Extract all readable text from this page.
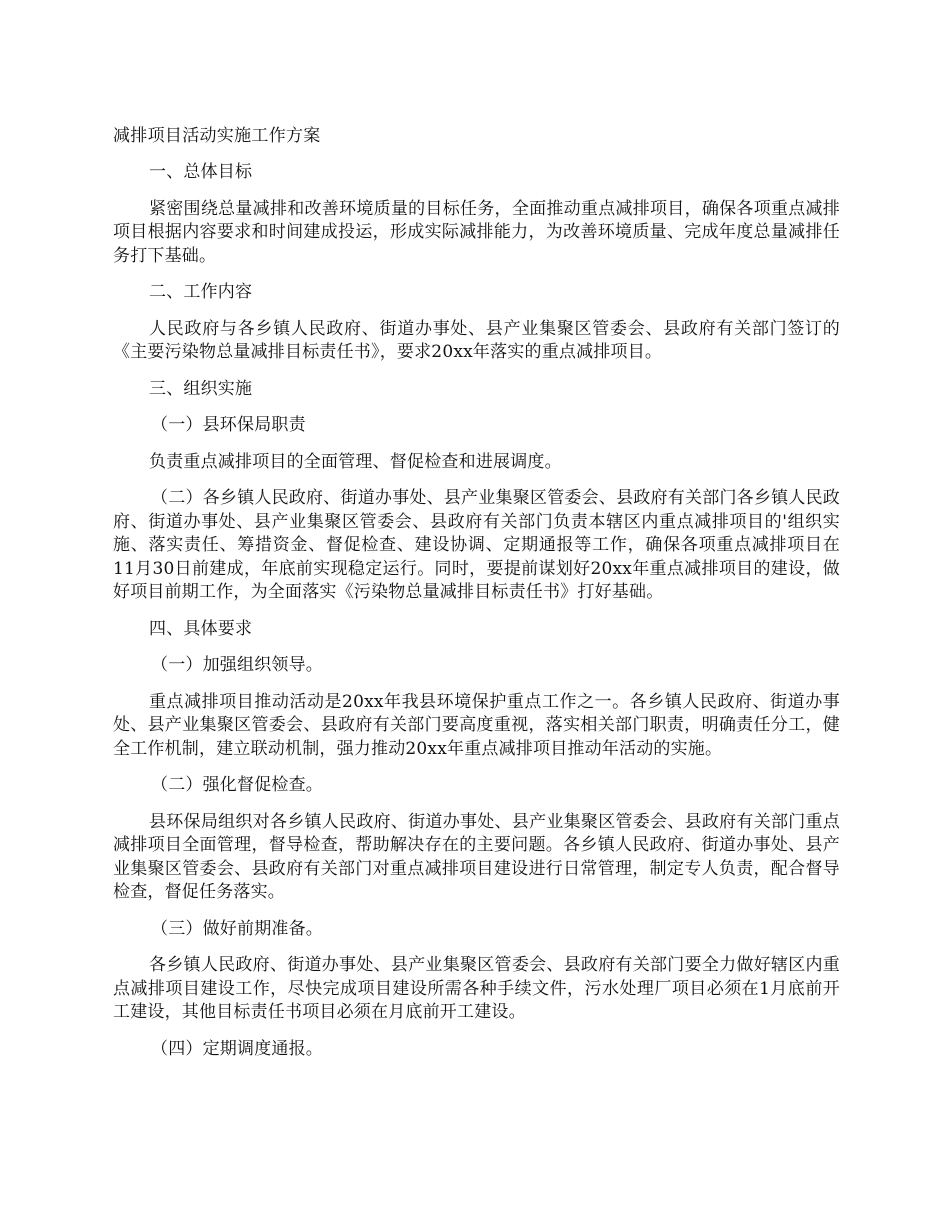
减排项目活动实施工作方案

一、总体目标

紧密围绕总量减排和改善环境质量的目标任务，全面推动重点减排项目，确保各项重点减排项目根据内容要求和时间建成投运，形成实际减排能力，为改善环境质量、完成年度总量减排任务打下基础。

二、工作内容

人民政府与各乡镇人民政府、街道办事处、县产业集聚区管委会、县政府有关部门签订的《主要污染物总量减排目标责任书》，要求20xx年落实的重点减排项目。

三、组织实施

（一）县环保局职责

负责重点减排项目的全面管理、督促检查和进展调度。

（二）各乡镇人民政府、街道办事处、县产业集聚区管委会、县政府有关部门各乡镇人民政府、街道办事处、县产业集聚区管委会、县政府有关部门负责本辖区内重点减排项目的'组织实施、落实责任、筹措资金、督促检查、建设协调、定期通报等工作，确保各项重点减排项目在11月30日前建成，年底前实现稳定运行。同时，要提前谋划好20xx年重点减排项目的建设，做好项目前期工作，为全面落实《污染物总量减排目标责任书》打好基础。

四、具体要求

（一）加强组织领导。

重点减排项目推动活动是20xx年我县环境保护重点工作之一。各乡镇人民政府、街道办事处、县产业集聚区管委会、县政府有关部门要高度重视，落实相关部门职责，明确责任分工，健全工作机制，建立联动机制，强力推动20xx年重点减排项目推动年活动的实施。

（二）强化督促检查。

县环保局组织对各乡镇人民政府、街道办事处、县产业集聚区管委会、县政府有关部门重点减排项目全面管理，督导检查，帮助解决存在的主要问题。各乡镇人民政府、街道办事处、县产业集聚区管委会、县政府有关部门对重点减排项目建设进行日常管理，制定专人负责，配合督导检查，督促任务落实。

（三）做好前期准备。

各乡镇人民政府、街道办事处、县产业集聚区管委会、县政府有关部门要全力做好辖区内重点减排项目建设工作，尽快完成项目建设所需各种手续文件，污水处理厂项目必须在1月底前开工建设，其他目标责任书项目必须在月底前开工建设。

（四）定期调度通报。
